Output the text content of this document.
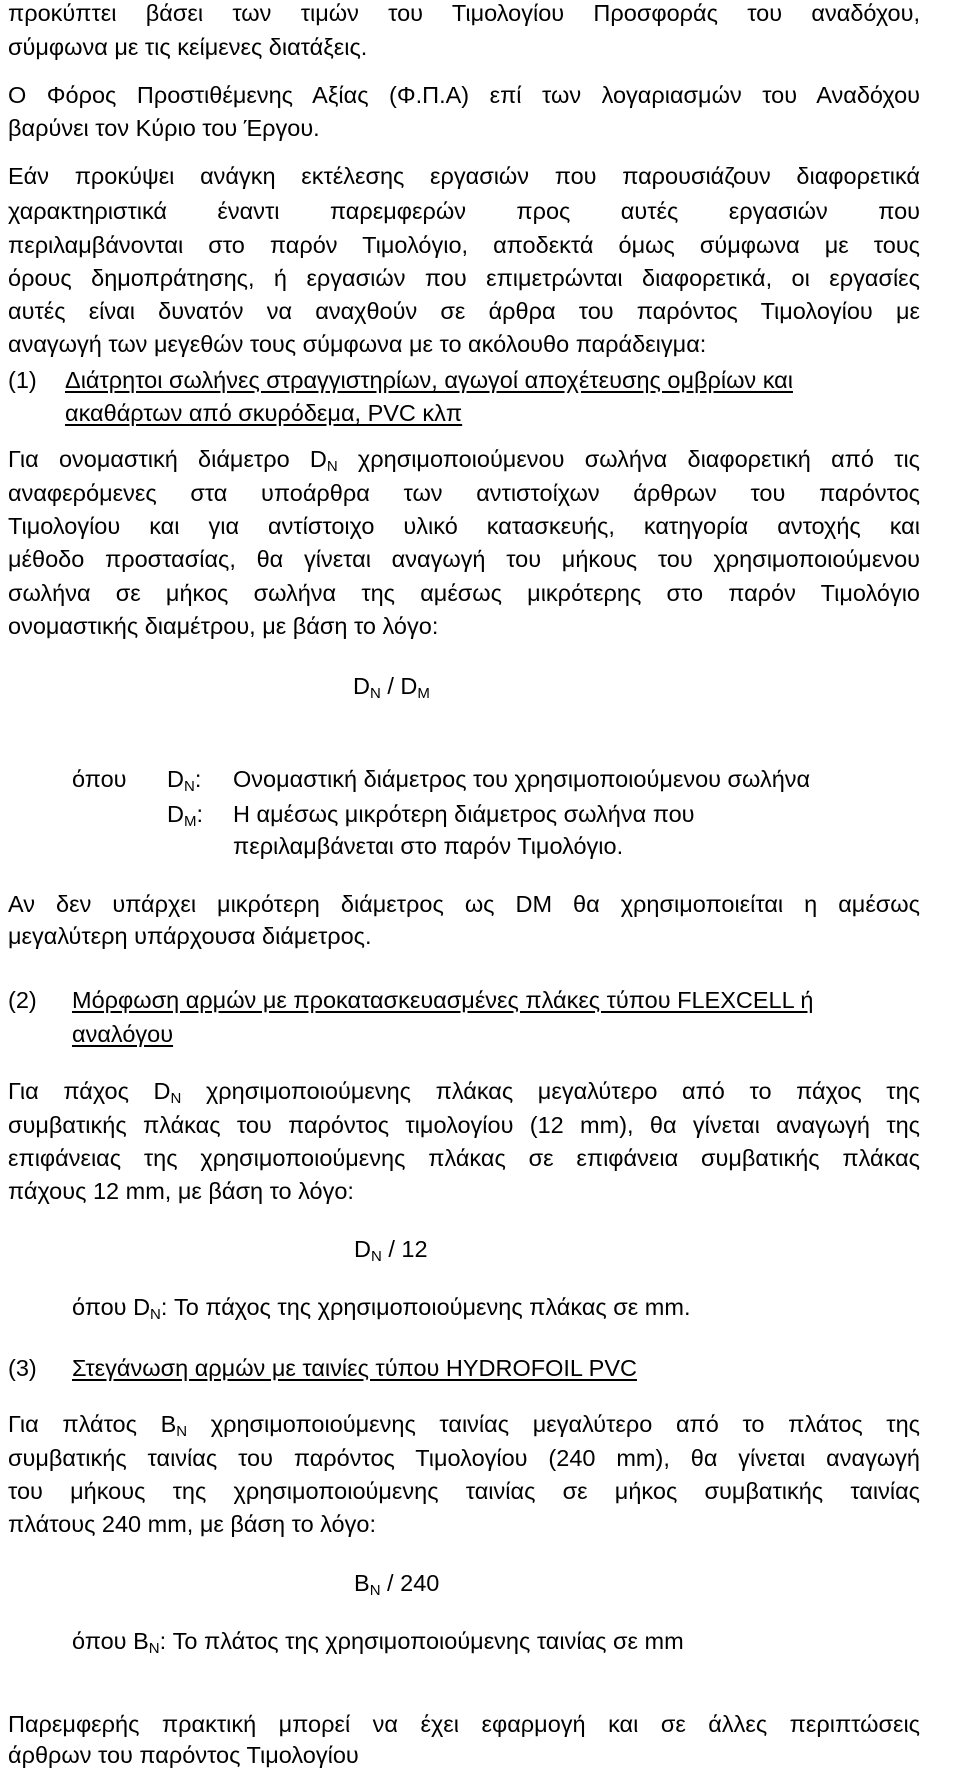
προκύπτει βάσει των τιμών του Τιμολογίου Προσφοράς του αναδόχου,
σύμφωνα με τις κείμενες διατάξεις.
Ο Φόρος Προστιθέμενης Αξίας (Φ.Π.Α) επί των λογαριασμών του Αναδόχου
βαρύνει τον Κύριο του Έργου.
Εάν προκύψει ανάγκη εκτέλεσης εργασιών που παρουσιάζουν διαφορετικά
χαρακτηριστικά έναντι παρεμφερών προς αυτές εργασιών που
περιλαμβάνονται στο παρόν Τιμολόγιο, αποδεκτά όμως σύμφωνα με τους
όρους δημοπράτησης, ή εργασιών που επιμετρώνται διαφορετικά, οι εργασίες
αυτές είναι δυνατόν να αναχθούν σε άρθρα του παρόντος Τιμολογίου με
αναγωγή των μεγεθών τους σύμφωνα με το ακόλουθο παράδειγμα:
(1) Διάτρητοι σωλήνες στραγγιστηρίων, αγωγοί αποχέτευσης ομβρίων και
ακαθάρτων από σκυρόδεμα, PVC κλπ
Για ονομαστική διάμετρο $D_N$ χρησιμοποιούμενου σωλήνα διαφορετική από τις
αναφερόμενες στα υποάρθρα των αντιστοίχων άρθρων του παρόντος
Τιμολογίου και για αντίστοιχο υλικό κατασκευής, κατηγορία αντοχής και
μέθοδο προστασίας, θα γίνεται αναγωγή του μήκους του χρησιμοποιούμενου
σωλήνα σε μήκος σωλήνα της αμέσως μικρότερης στο παρόν Τιμολόγιο
ονομαστικής διαμέτρου, με βάση το λόγο:
$D_N / D_M$
όπου $D_N$: Ονομαστική διάμετρος του χρησιμοποιούμενου σωλήνα
$D_M$: Η αμέσως μικρότερη διάμετρος σωλήνα που
περιλαμβάνεται στο παρόν Τιμολόγιο.
Αν δεν υπάρχει μικρότερη διάμετρος ως DM θα χρησιμοποιείται η αμέσως
μεγαλύτερη υπάρχουσα διάμετρος.
(2) Μόρφωση αρμών με προκατασκευασμένες πλάκες τύπου FLEXCELL ή
αναλόγου
Για πάχος $D_N$ χρησιμοποιούμενης πλάκας μεγαλύτερο από το πάχος της
συμβατικής πλάκας του παρόντος τιμολογίου (12 mm), θα γίνεται αναγωγή της
επιφάνειας της χρησιμοποιούμενης πλάκας σε επιφάνεια συμβατικής πλάκας
πάχους 12 mm, με βάση το λόγο:
$D_N / 12$
όπου $D_N$: Το πάχος της χρησιμοποιούμενης πλάκας σε mm.
(3) Στεγάνωση αρμών με ταινίες τύπου HYDROFOIL PVC
Για πλάτος $B_N$ χρησιμοποιούμενης ταινίας μεγαλύτερο από το πλάτος της
συμβατικής ταινίας του παρόντος Τιμολογίου (240 mm), θα γίνεται αναγωγή
του μήκους της χρησιμοποιούμενης ταινίας σε μήκος συμβατικής ταινίας
πλάτους 240 mm, με βάση το λόγο:
$B_N / 240$
όπου $B_N$: Το πλάτος της χρησιμοποιούμενης ταινίας σε mm
Παρεμφερής πρακτική μπορεί να έχει εφαρμογή και σε άλλες περιπτώσεις
άρθρων του παρόντος Τιμολογίου
